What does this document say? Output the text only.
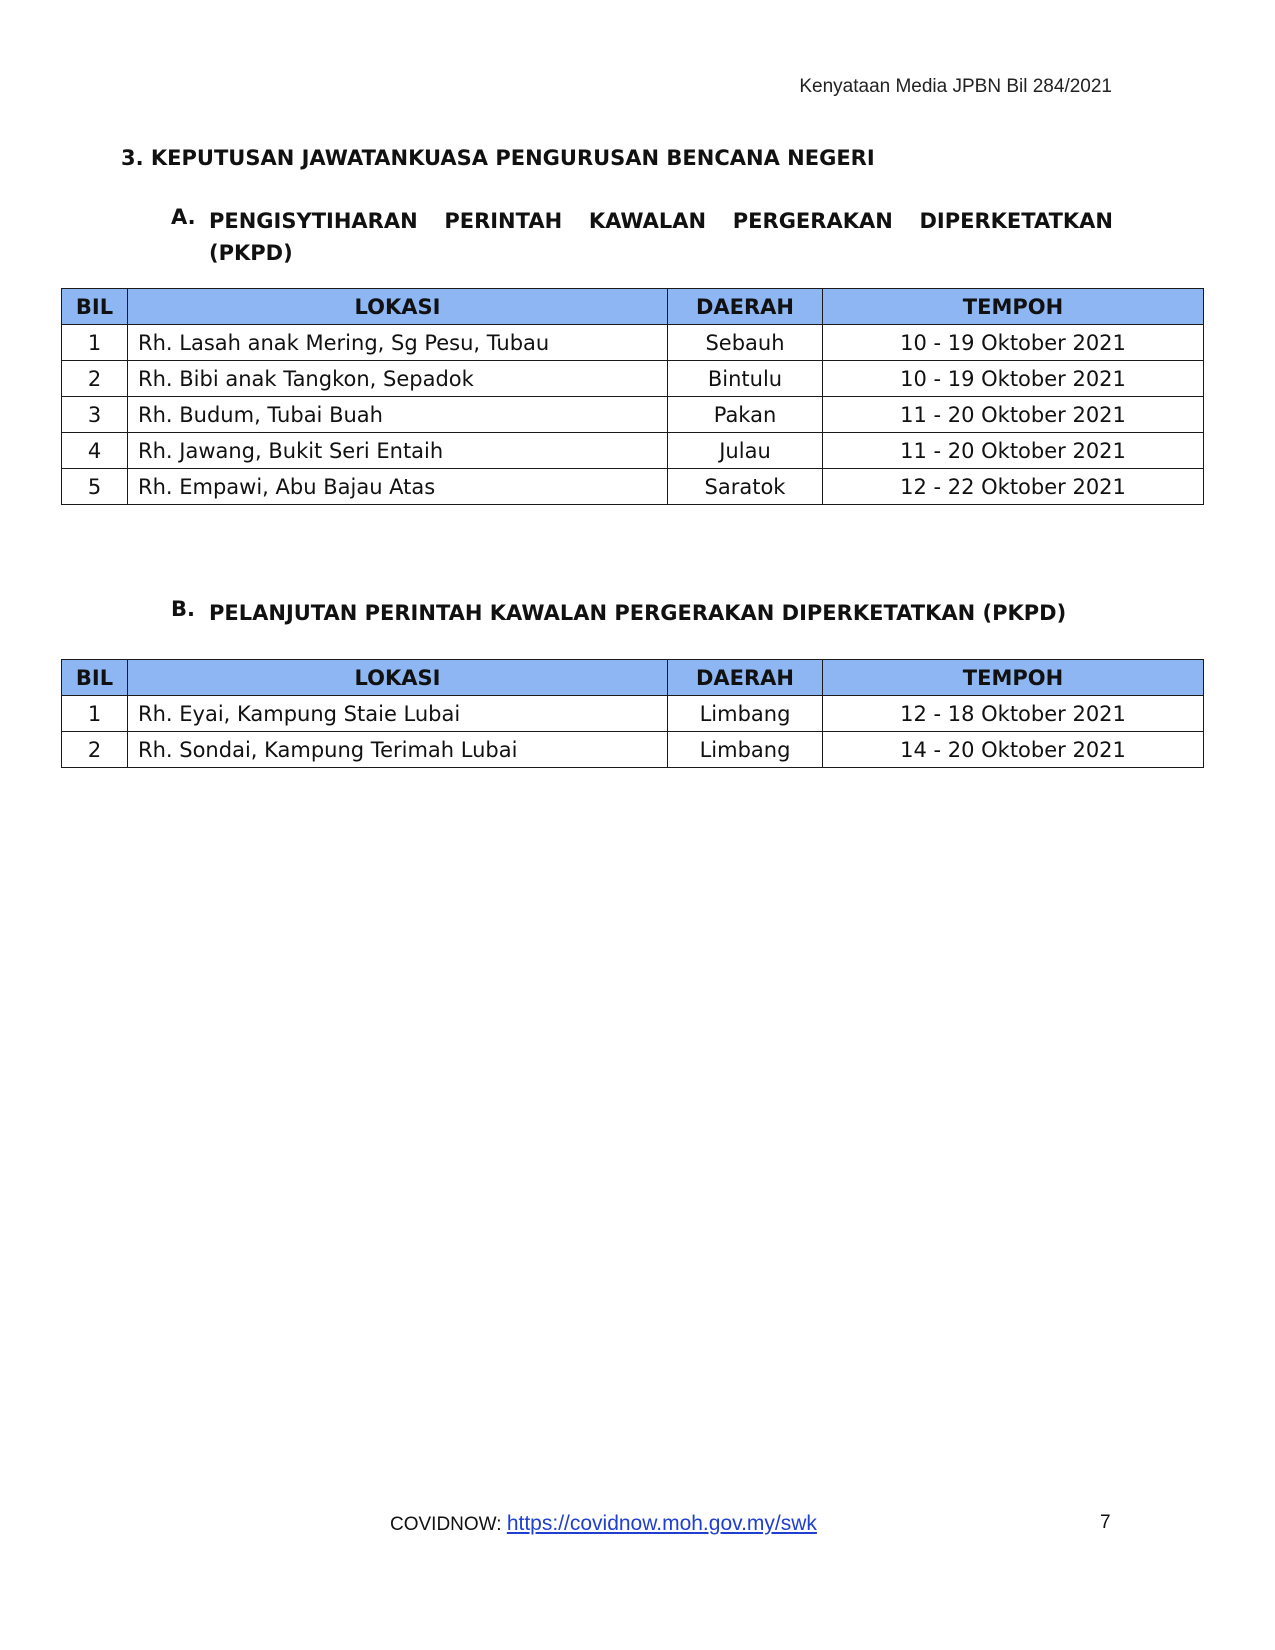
Kenyataan Media JPBN Bil 284/2021
3. KEPUTUSAN JAWATANKUASA PENGURUSAN BENCANA NEGERI
A. PENGISYTIHARAN PERINTAH KAWALAN PERGERAKAN DIPERKETATKAN (PKPD)
BIL	LOKASI	DAERAH	TEMPOH
1	Rh. Lasah anak Mering, Sg Pesu, Tubau	Sebauh	10 - 19 Oktober 2021
2	Rh. Bibi anak Tangkon, Sepadok	Bintulu	10 - 19 Oktober 2021
3	Rh. Budum, Tubai Buah	Pakan	11 - 20 Oktober 2021
4	Rh. Jawang, Bukit Seri Entaih	Julau	11 - 20 Oktober 2021
5	Rh. Empawi, Abu Bajau Atas	Saratok	12 - 22 Oktober 2021
B. PELANJUTAN PERINTAH KAWALAN PERGERAKAN DIPERKETATKAN (PKPD)
BIL	LOKASI	DAERAH	TEMPOH
1	Rh. Eyai, Kampung Staie Lubai	Limbang	12 - 18 Oktober 2021
2	Rh. Sondai, Kampung Terimah Lubai	Limbang	14 - 20 Oktober 2021
COVIDNOW: https://covidnow.moh.gov.my/swk	7
